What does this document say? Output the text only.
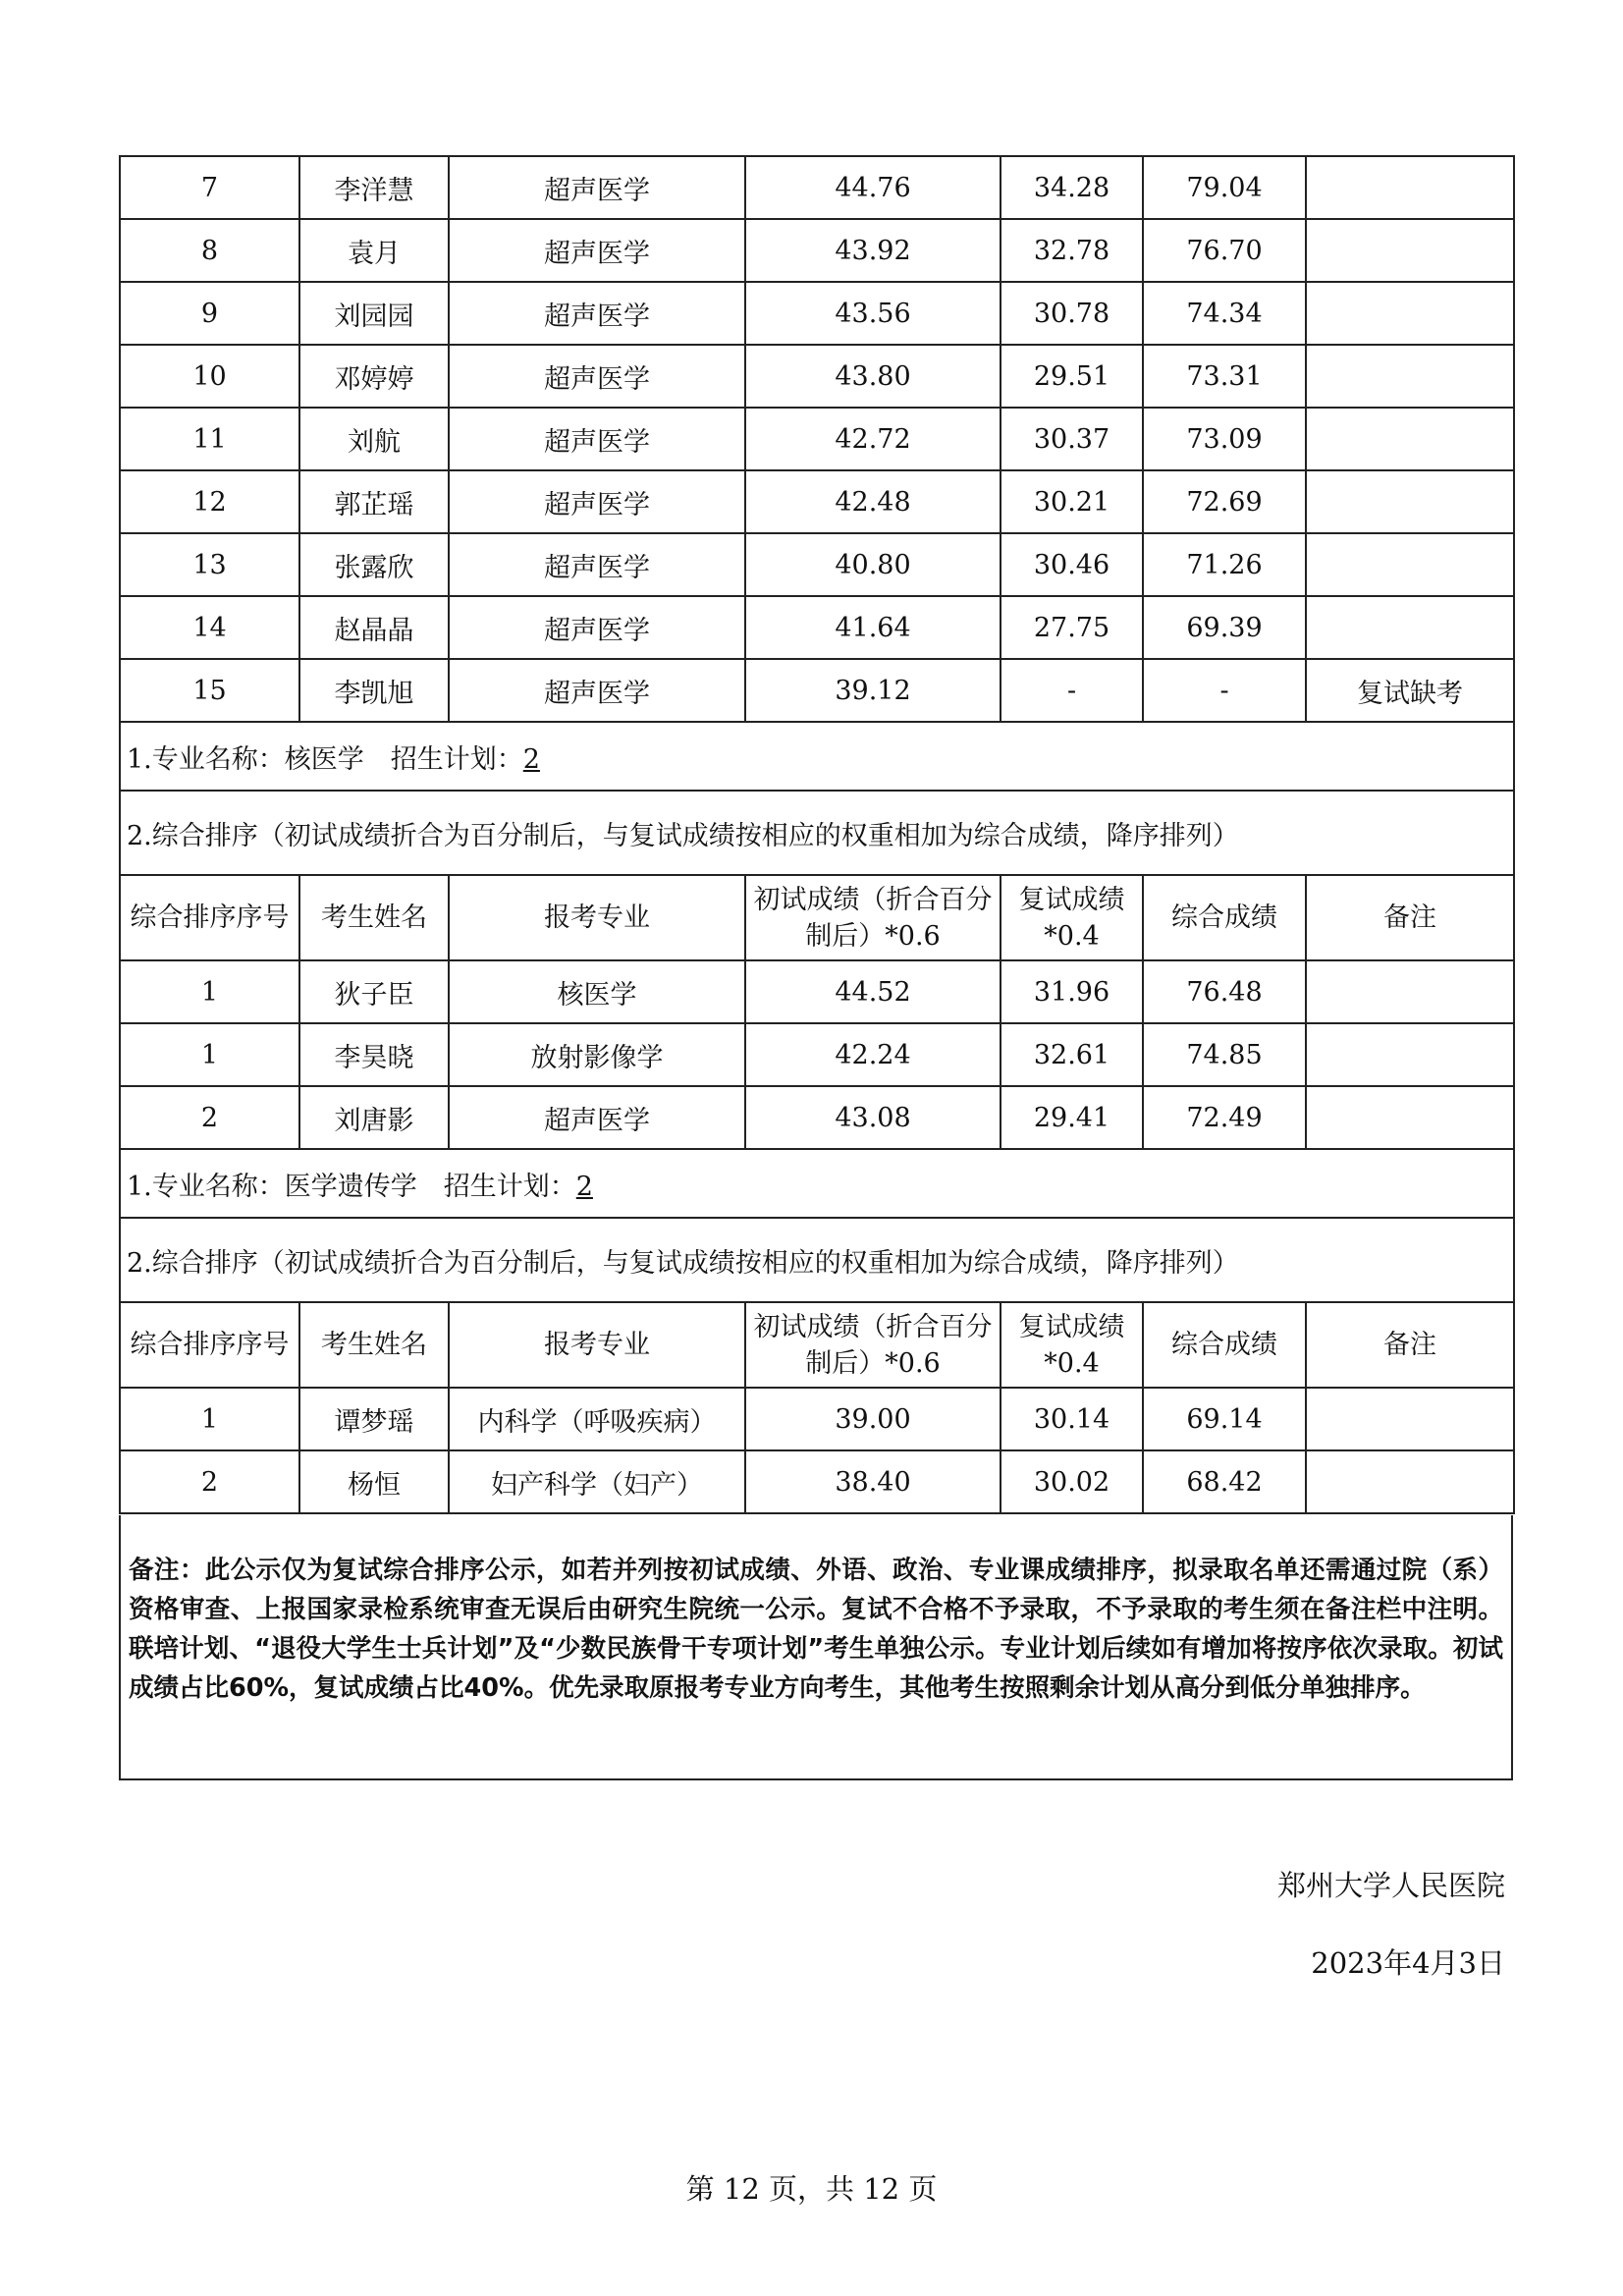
7	李洋慧	超声医学	44.76	34.28	79.04	
8	袁月	超声医学	43.92	32.78	76.70	
9	刘园园	超声医学	43.56	30.78	74.34	
10	邓婷婷	超声医学	43.80	29.51	73.31	
11	刘航	超声医学	42.72	30.37	73.09	
12	郭芷瑶	超声医学	42.48	30.21	72.69	
13	张露欣	超声医学	40.80	30.46	71.26	
14	赵晶晶	超声医学	41.64	27.75	69.39	
15	李凯旭	超声医学	39.12	-	-	复试缺考
1.专业名称：核医学　招生计划：2						
2.综合排序（初试成绩折合为百分制后，与复试成绩按相应的权重相加为综合成绩，降序排列）						
综合排序序号	考生姓名	报考专业	初试成绩（折合百分制后）*0.6	复试成绩*0.4	综合成绩	备注
1	狄子臣	核医学	44.52	31.96	76.48	
1	李昊晓	放射影像学	42.24	32.61	74.85	
2	刘唐影	超声医学	43.08	29.41	72.49	
1.专业名称：医学遗传学　招生计划：2						
2.综合排序（初试成绩折合为百分制后，与复试成绩按相应的权重相加为综合成绩，降序排列）						
综合排序序号	考生姓名	报考专业	初试成绩（折合百分制后）*0.6	复试成绩*0.4	综合成绩	备注
1	谭梦瑶	内科学（呼吸疾病）	39.00	30.14	69.14	
2	杨恒	妇产科学（妇产）	38.40	30.02	68.42	

备注：此公示仅为复试综合排序公示，如若并列按初试成绩、外语、政治、专业课成绩排序，拟录取名单还需通过院（系）资格审查、上报国家录检系统审查无误后由研究生院统一公示。复试不合格不予录取，不予录取的考生须在备注栏中注明。联培计划、“退役大学生士兵计划”及“少数民族骨干专项计划”考生单独公示。专业计划后续如有增加将按序依次录取。初试成绩占比60%，复试成绩占比40%。优先录取原报考专业方向考生，其他考生按照剩余计划从高分到低分单独排序。

郑州大学人民医院
2023年4月3日
第 12 页，共 12 页
